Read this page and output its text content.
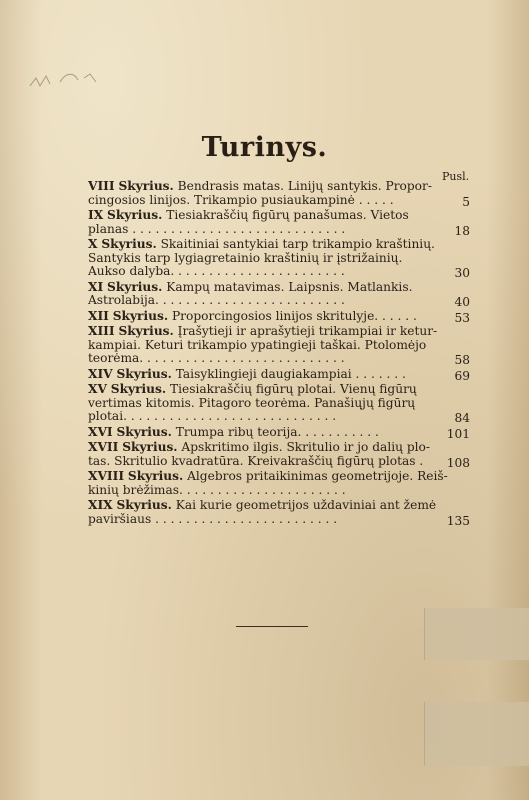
Turinys.
Pusl.
VIII Skyrius. Bendrasis matas. Linijų santykis. Propor-
cingosios linijos. Trikampio pusiaukampinė . . . . .	5
IX Skyrius. Tiesiakraščių figūrų panašumas. Vietos
planas . . . . . . . . . . . . . . . . . . . . . . . . . . . .	18
X Skyrius. Skaitiniai santykiai tarp trikampio kraštinių.
Santykis tarp lygiagretainio kraštinių ir įstrižainių.
Aukso dalyba. . . . . . . . . . . . . . . . . . . . . . .	30
XI Skyrius. Kampų matavimas. Laipsnis. Matlankis.
Astrolabija. . . . . . . . . . . . . . . . . . . . . . . . .	40
XII Skyrius. Proporcingosios linijos skritulyje. . . . . .	53
XIII Skyrius. Įrašytieji ir aprašytieji trikampiai ir ketur-
kampiai. Keturi trikampio ypatingieji taškai. Ptolomėjo
teorėma. . . . . . . . . . . . . . . . . . . . . . . . . . .	58
XIV Skyrius. Taisyklingieji daugiakampiai . . . . . . .	69
XV Skyrius. Tiesiakraščių figūrų plotai. Vienų figūrų
vertimas kitomis. Pitagoro teorėma. Panašiųjų figūrų
plotai. . . . . . . . . . . . . . . . . . . . . . . . . . . .	84
XVI Skyrius. Trumpa ribų teorija. . . . . . . . . . .	101
XVII Skyrius. Apskritimo ilgis. Skritulio ir jo dalių plo-
tas. Skritulio kvadratūra. Kreivakraščių figūrų plotas .	108
XVIII Skyrius. Algebros pritaikinimas geometrijoje. Reiš-
kinių brėžimas. . . . . . . . . . . . . . . . . . . . . .
XIX Skyrius. Kai kurie geometrijos uždaviniai ant žemė
paviršiaus . . . . . . . . . . . . . . . . . . . . . . . .	135
